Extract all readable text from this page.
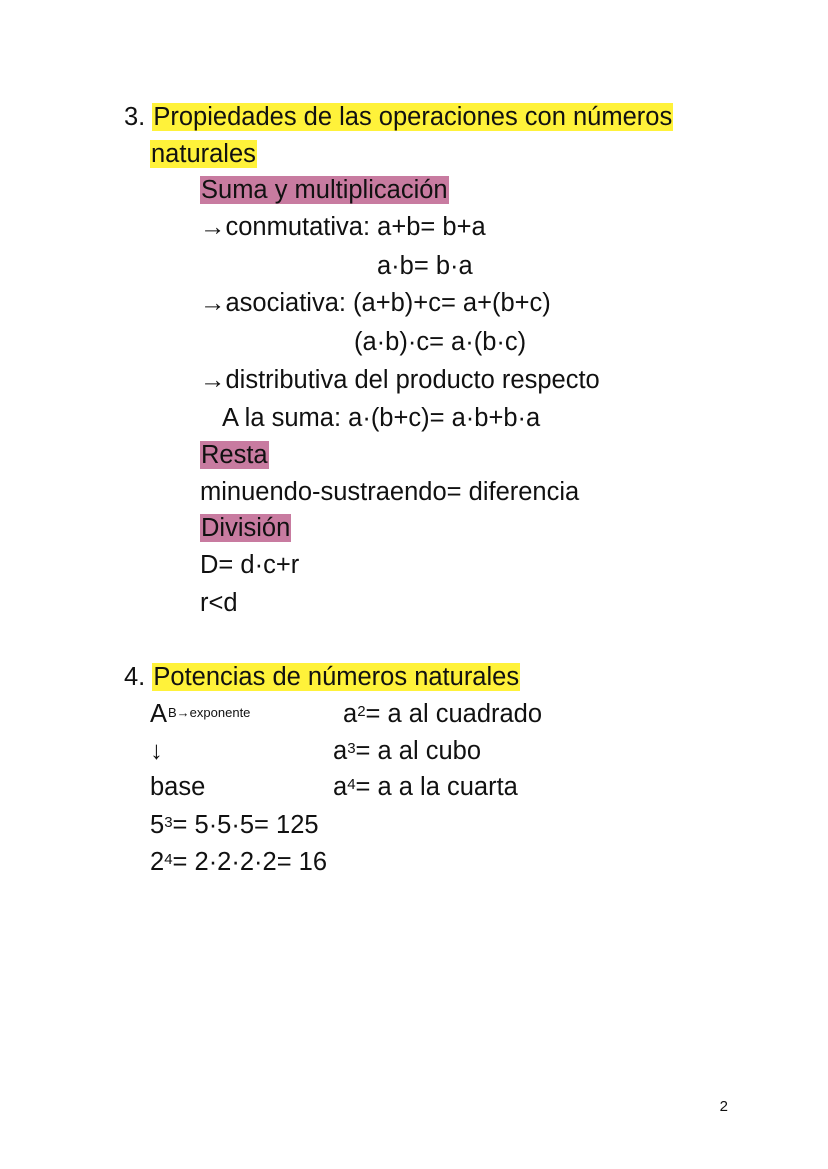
3. Propiedades de las operaciones con números
naturales
Suma y multiplicación
→conmutativa: a+b= b+a
a·b= b·a
→asociativa: (a+b)+c= a+(b+c)
(a·b)·c= a·(b·c)
→distributiva del producto respecto
A la suma: a·(b+c)= a·b+b·a
Resta
minuendo-sustraendo= diferencia
División
D= d·c+r
r<d
4. Potencias de números naturales
$A^{B\to exponente}$	$a^2= a$ al cuadrado
↓	$a^3= a$ al cubo
base	$a^4= a$ a la cuarta
$5^3= 5\cdot 5\cdot 5= 125$
$2^4= 2\cdot 2\cdot 2\cdot 2= 16$
2
